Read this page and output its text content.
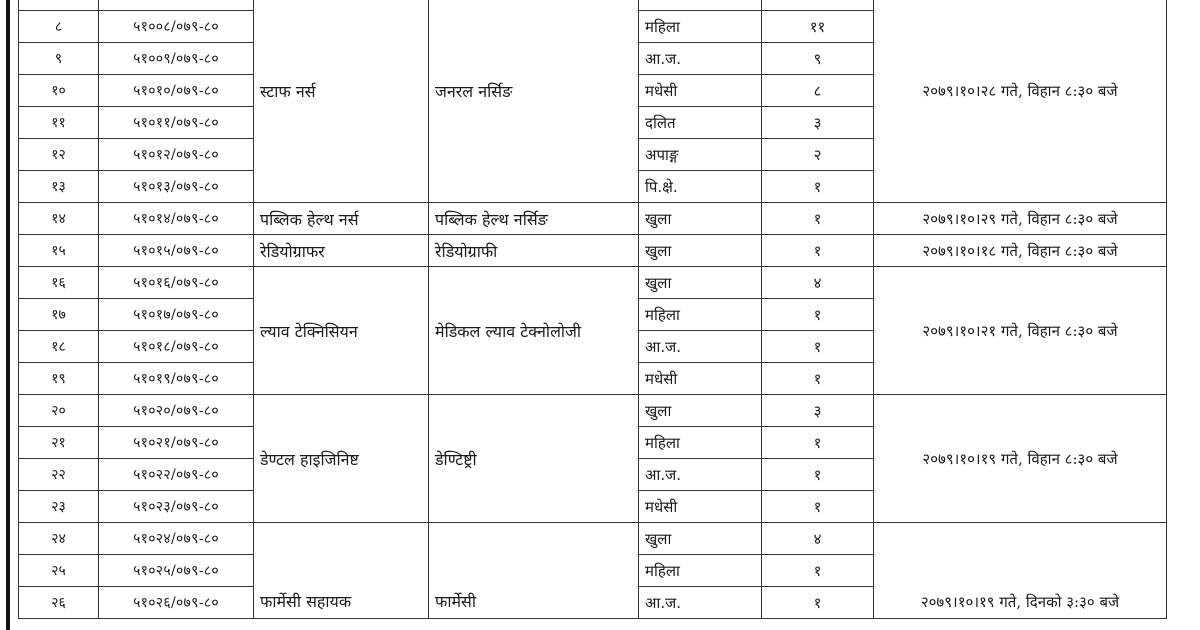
		स्टाफ नर्स	जनरल नर्सिङ			२०७९।१०।२८ गते, विहान ८:३० बजे
८	५१००८/०७९-८०			महिला	११	
९	५१००९/०७९-८०			आ.ज.	९	
१०	५१०१०/०७९-८०			मधेसी	८	
११	५१०११/०७९-८०			दलित	३	
१२	५१०१२/०७९-८०			अपाङ्ग	२	
१३	५१०१३/०७९-८०			पि.क्षे.	१	
१४	५१०१४/०७९-८०	पब्लिक हेल्थ नर्स	पब्लिक हेल्थ नर्सिङ	खुला	१	२०७९।१०।२९ गते, विहान ८:३० बजे
१५	५१०१५/०७९-८०	रेडियोग्राफर	रेडियोग्राफी	खुला	१	२०७९।१०।१८ गते, विहान ८:३० बजे
१६	५१०१६/०७९-८०	ल्याव टेक्निसियन	मेडिकल ल्याव टेक्नोलोजी	खुला	४	२०७९।१०।२१ गते, विहान ८:३० बजे
१७	५१०१७/०७९-८०			महिला	१	
१८	५१०१८/०७९-८०			आ.ज.	१	
१९	५१०१९/०७९-८०			मधेसी	१	
२०	५१०२०/०७९-८०	डेण्टल हाइजिनिष्ट	डेण्टिष्ट्री	खुला	३	२०७९।१०।१९ गते, विहान ८:३० बजे
२१	५१०२१/०७९-८०			महिला	१	
२२	५१०२२/०७९-८०			आ.ज.	१	
२३	५१०२३/०७९-८०			मधेसी	१	
२४	५१०२४/०७९-८०	फार्मेसी सहायक	फार्मेसी	खुला	४	२०७९।१०।१९ गते, दिनको ३:३० बजे
२५	५१०२५/०७९-८०			महिला	१	
२६	५१०२६/०७९-८०			आ.ज.	१	
